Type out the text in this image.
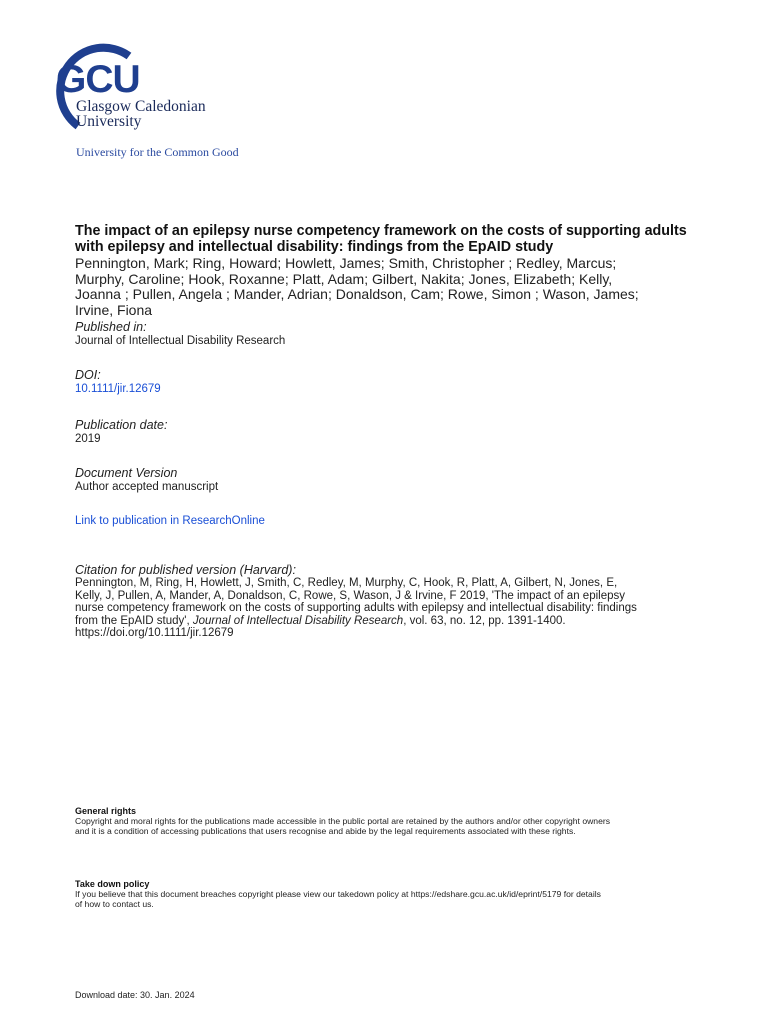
GCU
Glasgow Caledonian
University
University for the Common Good
The impact of an epilepsy nurse competency framework on the costs of supporting adults with epilepsy and intellectual disability: findings from the EpAID study
Pennington, Mark; Ring, Howard; Howlett, James; Smith, Christopher ; Redley, Marcus;
Murphy, Caroline; Hook, Roxanne; Platt, Adam; Gilbert, Nakita; Jones, Elizabeth; Kelly,
Joanna ; Pullen, Angela ; Mander, Adrian; Donaldson, Cam; Rowe, Simon ; Wason, James;
Irvine, Fiona
Published in:
Journal of Intellectual Disability Research
DOI:
10.1111/jir.12679
Publication date:
2019
Document Version
Author accepted manuscript
Link to publication in ResearchOnline
Citation for published version (Harvard):
Pennington, M, Ring, H, Howlett, J, Smith, C, Redley, M, Murphy, C, Hook, R, Platt, A, Gilbert, N, Jones, E,
Kelly, J, Pullen, A, Mander, A, Donaldson, C, Rowe, S, Wason, J & Irvine, F 2019, 'The impact of an epilepsy
nurse competency framework on the costs of supporting adults with epilepsy and intellectual disability: findings
from the EpAID study', Journal of Intellectual Disability Research, vol. 63, no. 12, pp. 1391-1400.
https://doi.org/10.1111/jir.12679
General rights
Copyright and moral rights for the publications made accessible in the public portal are retained by the authors and/or other copyright owners
and it is a condition of accessing publications that users recognise and abide by the legal requirements associated with these rights.
Take down policy
If you believe that this document breaches copyright please view our takedown policy at https://edshare.gcu.ac.uk/id/eprint/5179 for details
of how to contact us.
Download date: 30. Jan. 2024
